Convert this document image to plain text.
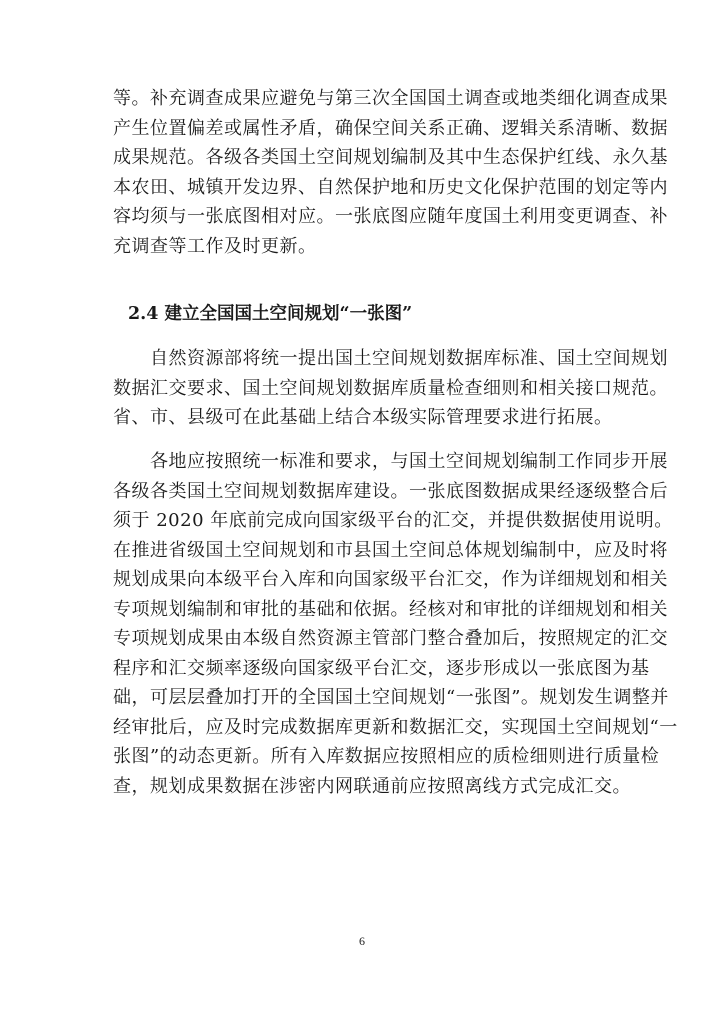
等。补充调查成果应避免与第三次全国国土调查或地类细化调查成果
产生位置偏差或属性矛盾，确保空间关系正确、逻辑关系清晰、数据
成果规范。各级各类国土空间规划编制及其中生态保护红线、永久基
本农田、城镇开发边界、自然保护地和历史文化保护范围的划定等内
容均须与一张底图相对应。一张底图应随年度国土利用变更调查、补
充调查等工作及时更新。
2.4 建立全国国土空间规划“一张图”
　　自然资源部将统一提出国土空间规划数据库标准、国土空间规划
数据汇交要求、国土空间规划数据库质量检查细则和相关接口规范。
省、市、县级可在此基础上结合本级实际管理要求进行拓展。
　　各地应按照统一标准和要求，与国土空间规划编制工作同步开展
各级各类国土空间规划数据库建设。一张底图数据成果经逐级整合后
须于 2020 年底前完成向国家级平台的汇交，并提供数据使用说明。
在推进省级国土空间规划和市县国土空间总体规划编制中，应及时将
规划成果向本级平台入库和向国家级平台汇交，作为详细规划和相关
专项规划编制和审批的基础和依据。经核对和审批的详细规划和相关
专项规划成果由本级自然资源主管部门整合叠加后，按照规定的汇交
程序和汇交频率逐级向国家级平台汇交，逐步形成以一张底图为基
础，可层层叠加打开的全国国土空间规划“一张图”。规划发生调整并
经审批后，应及时完成数据库更新和数据汇交，实现国土空间规划“一
张图”的动态更新。所有入库数据应按照相应的质检细则进行质量检
查，规划成果数据在涉密内网联通前应按照离线方式完成汇交。
6
